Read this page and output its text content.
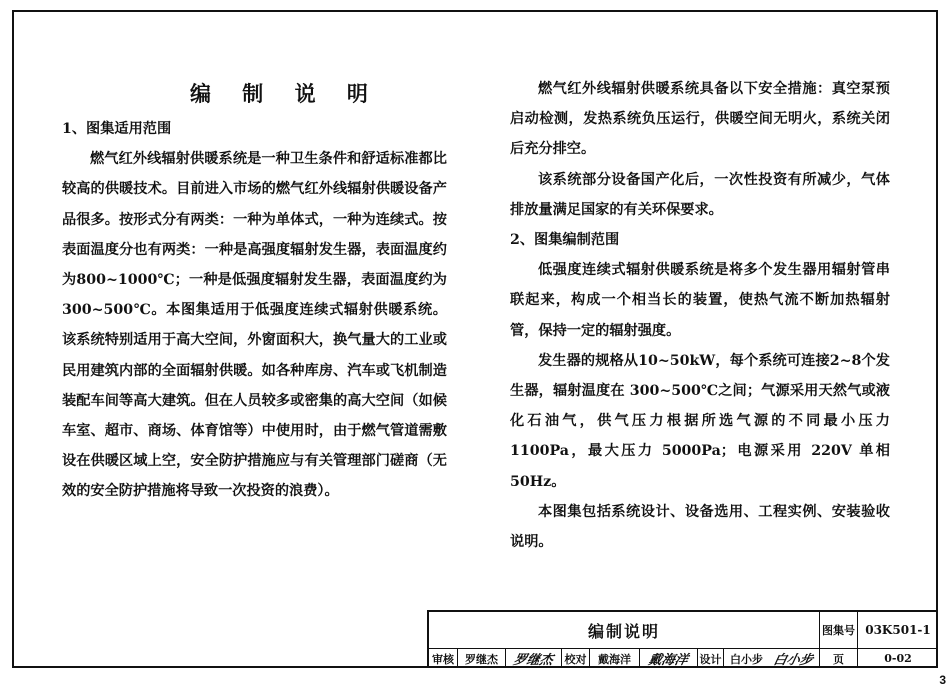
编 制 说 明

1、图集适用范围

燃气红外线辐射供暖系统是一种卫生条件和舒适标准都比较高的供暖技术。目前进入市场的燃气红外线辐射供暖设备产品很多。按形式分有两类：一种为单体式，一种为连续式。按表面温度分也有两类：一种是高强度辐射发生器，表面温度约为800~1000℃；一种是低强度辐射发生器，表面温度约为300~500℃。本图集适用于低强度连续式辐射供暖系统。该系统特别适用于高大空间，外窗面积大，换气量大的工业或民用建筑内部的全面辐射供暖。如各种库房、汽车或飞机制造装配车间等高大建筑。但在人员较多或密集的高大空间（如候车室、超市、商场、体育馆等）中使用时，由于燃气管道需敷设在供暖区域上空，安全防护措施应与有关管理部门磋商（无效的安全防护措施将导致一次投资的浪费）。

燃气红外线辐射供暖系统具备以下安全措施：真空泵预启动检测，发热系统负压运行，供暖空间无明火，系统关闭后充分排空。

该系统部分设备国产化后，一次性投资有所减少，气体排放量满足国家的有关环保要求。

2、图集编制范围

低强度连续式辐射供暖系统是将多个发生器用辐射管串联起来，构成一个相当长的装置，使热气流不断加热辐射管，保持一定的辐射强度。

发生器的规格从10~50kW，每个系统可连接2~8个发生器，辐射温度在 300~500℃之间；气源采用天然气或液化石油气，供气压力根据所选气源的不同最小压力 1100Pa，最大压力 5000Pa；电源采用 220V 单相 50Hz。

本图集包括系统设计、设备选用、工程实例、安装验收说明。

编制说明	图集号 03K501-1
审核	罗继杰	罗继杰 校对	戴海洋	戴海洋 设计 白小步 白小步	页	0-02
3
